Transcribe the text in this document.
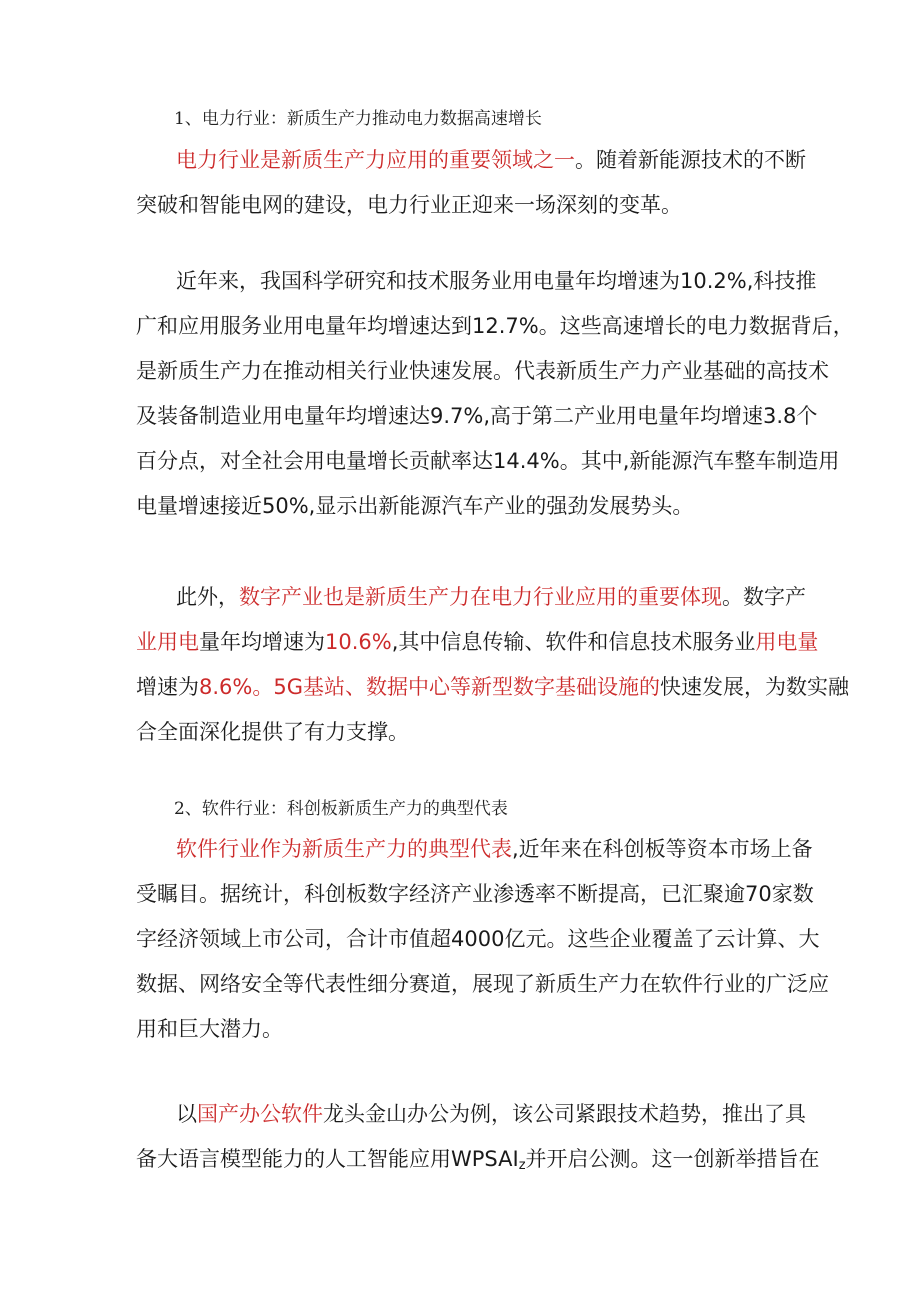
1、电力行业：新质生产力推动电力数据高速增长
电力行业是新质生产力应用的重要领域之一。随着新能源技术的不断
突破和智能电网的建设，电力行业正迎来一场深刻的变革。
近年来，我国科学研究和技术服务业用电量年均增速为10.2%,科技推
广和应用服务业用电量年均增速达到12.7%。这些高速增长的电力数据背后，
是新质生产力在推动相关行业快速发展。代表新质生产力产业基础的高技术
及装备制造业用电量年均增速达9.7%,高于第二产业用电量年均增速3.8个
百分点，对全社会用电量增长贡献率达14.4%。其中,新能源汽车整车制造用
电量增速接近50%,显示出新能源汽车产业的强劲发展势头。
此外，数字产业也是新质生产力在电力行业应用的重要体现。数字产
业用电量年均增速为10.6%,其中信息传输、软件和信息技术服务业用电量
增速为8.6%。5G基站、数据中心等新型数字基础设施的快速发展，为数实融
合全面深化提供了有力支撑。
2、软件行业：科创板新质生产力的典型代表
软件行业作为新质生产力的典型代表,近年来在科创板等资本市场上备
受瞩目。据统计，科创板数字经济产业渗透率不断提高，已汇聚逾70家数
字经济领域上市公司，合计市值超4000亿元。这些企业覆盖了云计算、大
数据、网络安全等代表性细分赛道，展现了新质生产力在软件行业的广泛应
用和巨大潜力。
以国产办公软件龙头金山办公为例，该公司紧跟技术趋势，推出了具
备大语言模型能力的人工智能应用$WPSAI_z$并开启公测。这一创新举措旨在
